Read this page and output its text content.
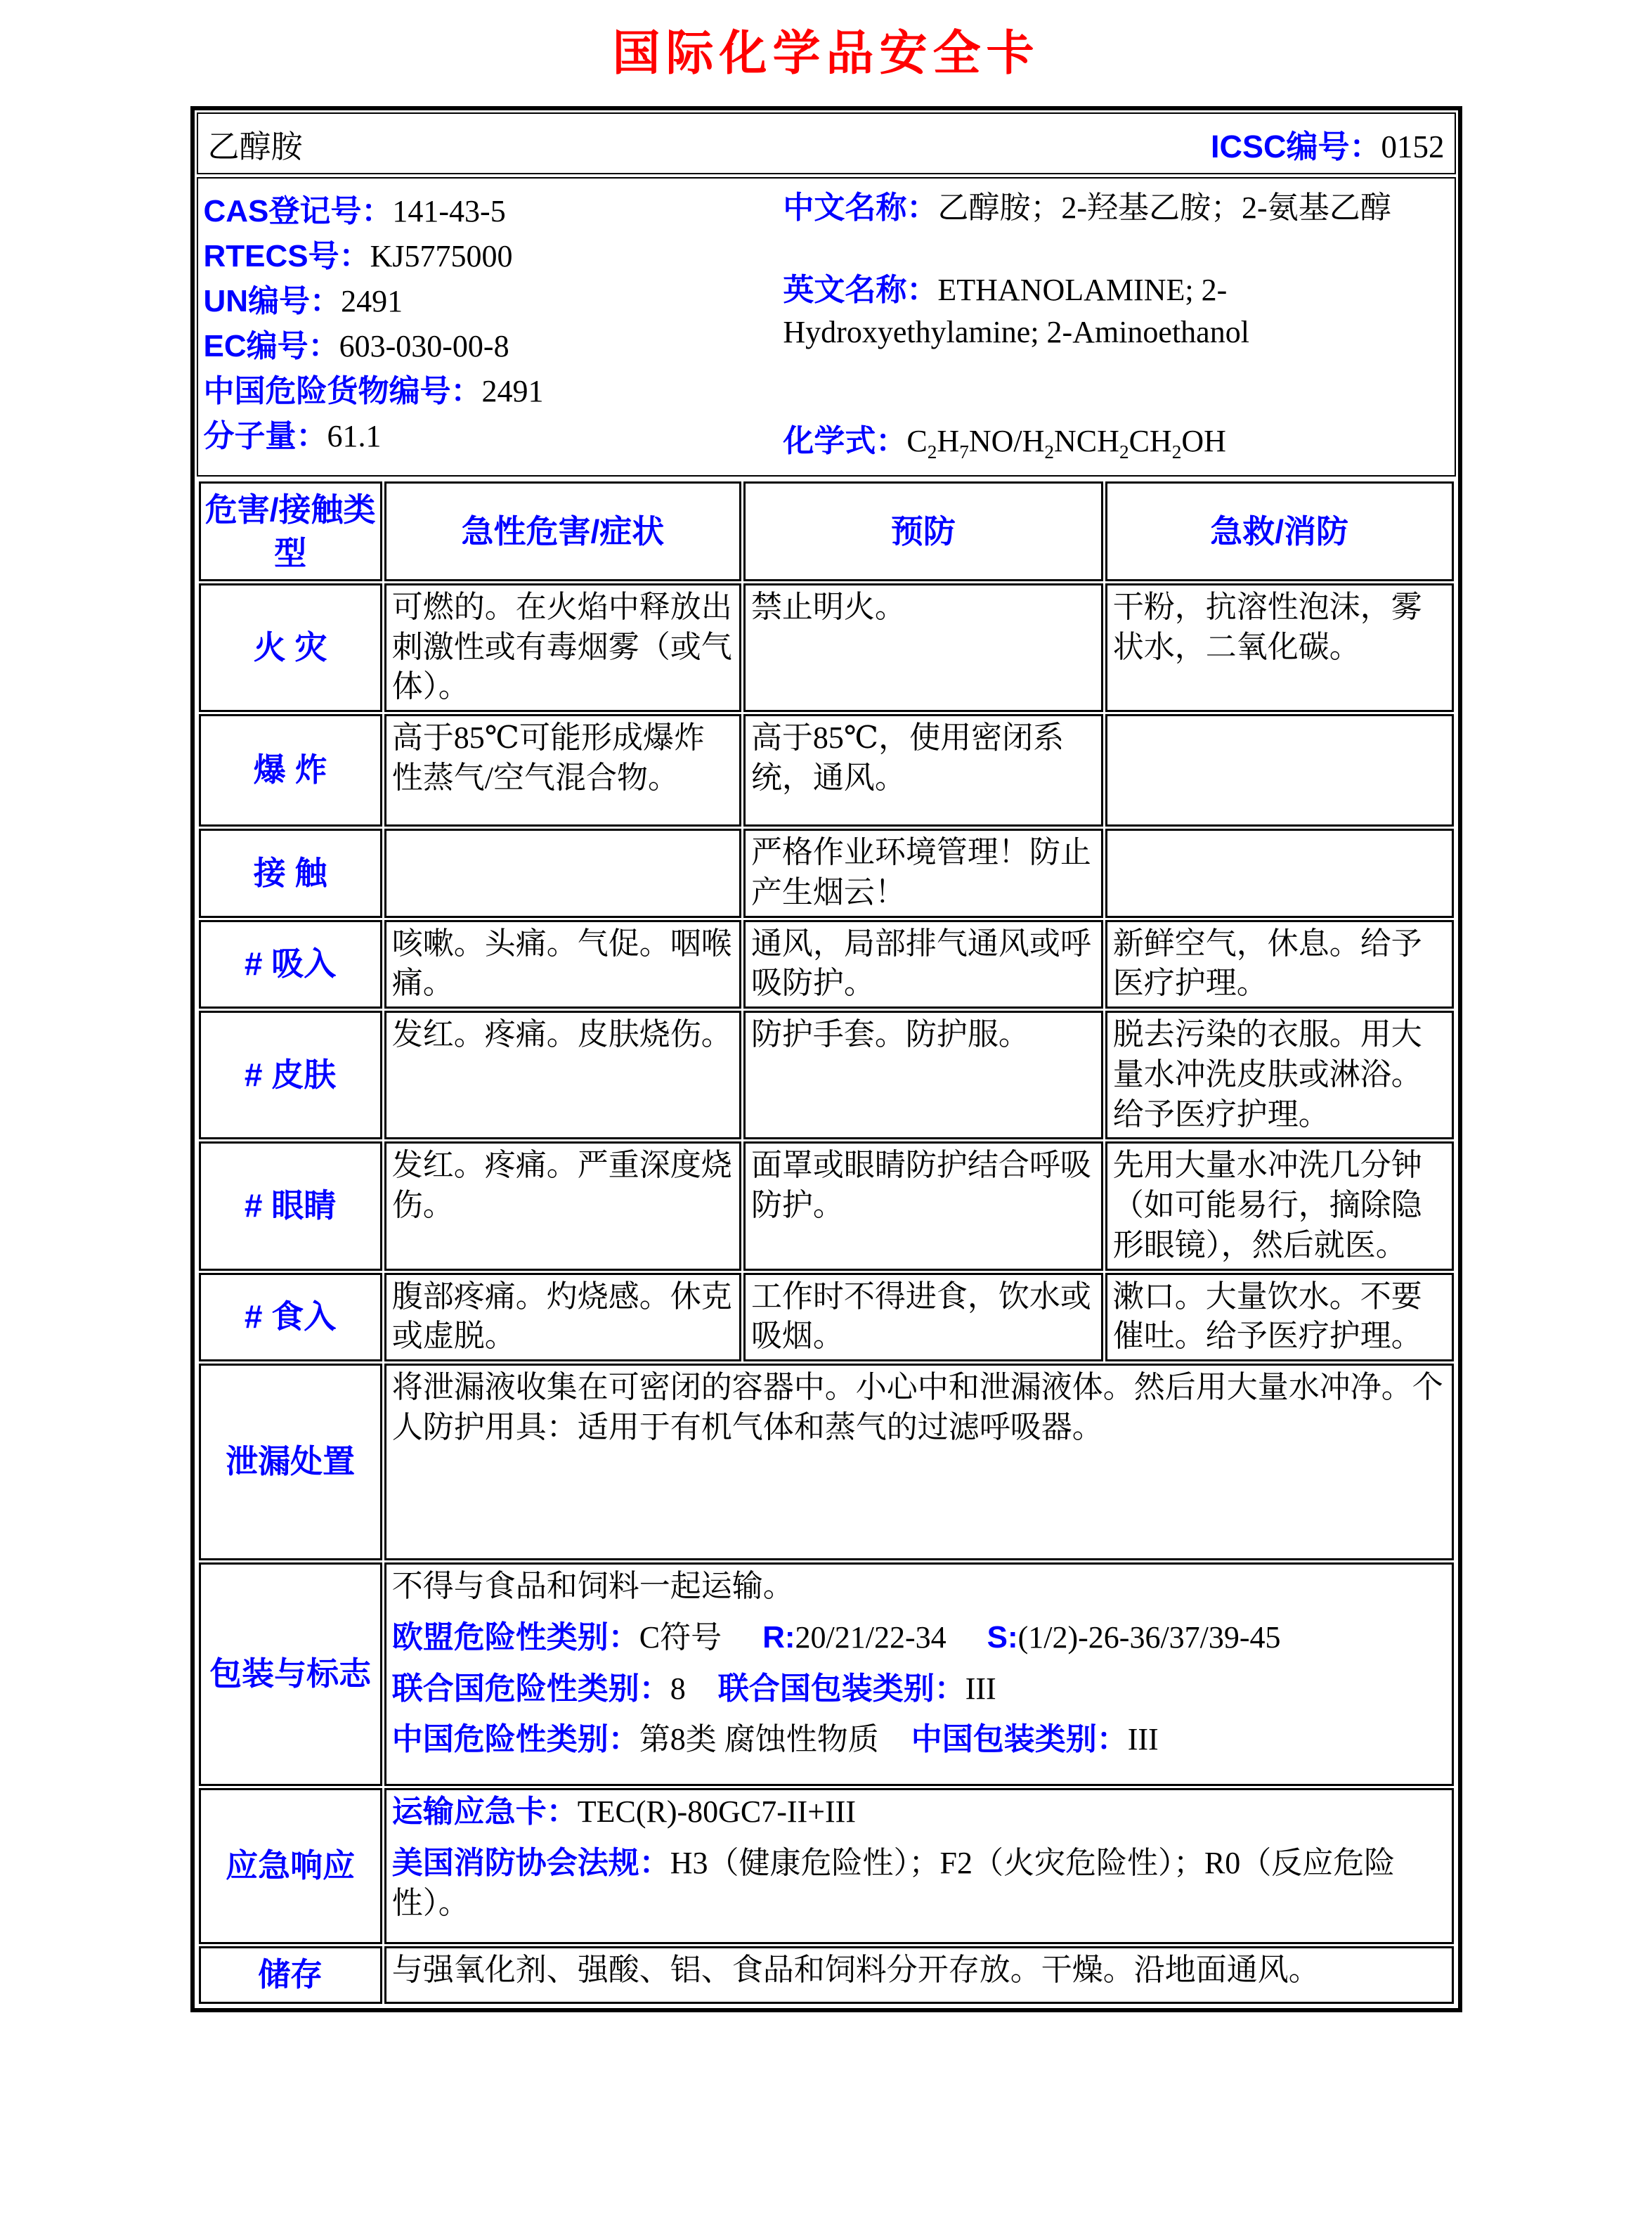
国际化学品安全卡
乙醇胺	ICSC编号：0152
CAS登记号： 141-43-5
RTECS号： KJ5775000
UN编号： 2491
EC编号： 603-030-00-8
中国危险货物编号： 2491
分子量： 61.1
中文名称：乙醇胺；2-羟基乙胺；2-氨基乙醇
英文名称：ETHANOLAMINE; 2-Hydroxyethylamine; 2-Aminoethanol
化学式：$C_2H_7NO/H_2NCH_2CH_2OH$
危害/接触类型	急性危害/症状	预防	急救/消防
火 灾	可燃的。在火焰中释放出刺激性或有毒烟雾（或气体）。	禁止明火。	干粉，抗溶性泡沫，雾状水，二氧化碳。
爆 炸	高于85℃可能形成爆炸性蒸气/空气混合物。	高于85℃，使用密闭系统，通风。	
接 触		严格作业环境管理！防止产生烟云！	
# 吸入	咳嗽。头痛。气促。咽喉痛。	通风，局部排气通风或呼吸防护。	新鲜空气，休息。给予医疗护理。
# 皮肤	发红。疼痛。皮肤烧伤。	防护手套。防护服。	脱去污染的衣服。用大量水冲洗皮肤或淋浴。给予医疗护理。
# 眼睛	发红。疼痛。严重深度烧伤。	面罩或眼睛防护结合呼吸防护。	先用大量水冲洗几分钟（如可能易行，摘除隐形眼镜），然后就医。
# 食入	腹部疼痛。灼烧感。休克或虚脱。	工作时不得进食，饮水或吸烟。	漱口。大量饮水。不要催吐。给予医疗护理。
泄漏处置	将泄漏液收集在可密闭的容器中。小心中和泄漏液体。然后用大量水冲净。个人防护用具：适用于有机气体和蒸气的过滤呼吸器。		
包装与标志	不得与食品和饲料一起运输。

欧盟危险性类别：C符号 R:20/21/22-34 S:(1/2)-26-36/37/39-45

联合国危险性类别：8 联合国包装类别：III

中国危险性类别：第8类 腐蚀性物质 中国包装类别：III		

应急响应	运输应急卡：TEC(R)-80GC7-II+III

美国消防协会法规：H3（健康危险性）；F2（火灾危险性）；R0（反应危险性）。		

储存	与强氧化剂、强酸、铝、食品和饲料分开存放。干燥。沿地面通风。		
